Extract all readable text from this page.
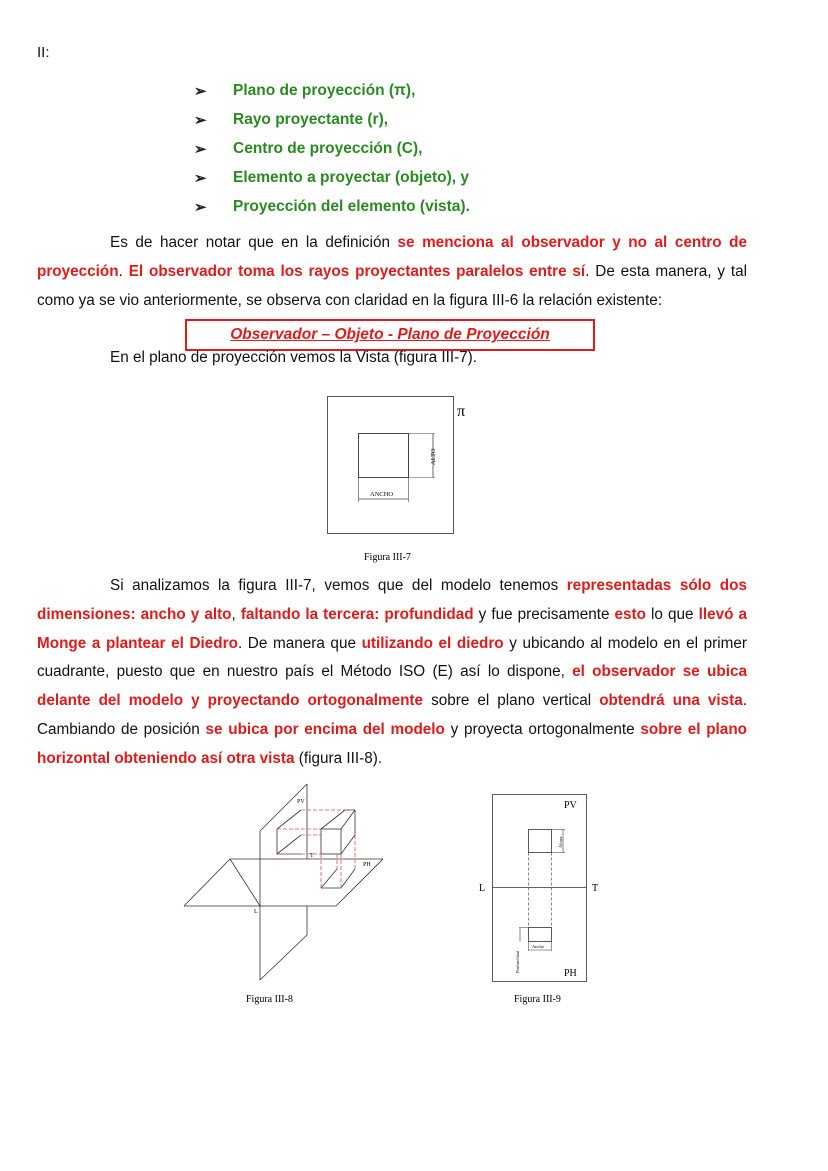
II:
➢	Plano de proyección (π),
➢	Rayo proyectante (r),
➢	Centro de proyección (C),
➢	Elemento a proyectar (objeto), y
➢	Proyección del elemento (vista).

Es de hacer notar que en la definición se menciona al observador y no al centro de proyección. El observador toma los rayos proyectantes paralelos entre sí. De esta manera, y tal como ya se vio anteriormente, se observa con claridad en la figura III-6 la relación existente:

Observador – Objeto - Plano de Proyección

En el plano de proyección vemos la Vista (figura III-7).

π
ALTO
ANCHO
Figura III-7

Si analizamos la figura III-7, vemos que del modelo tenemos representadas sólo dos dimensiones: ancho y alto, faltando la tercera: profundidad y fue precisamente esto lo que llevó a Monge a plantear el Diedro. De manera que utilizando el diedro y ubicando al modelo en el primer cuadrante, puesto que en nuestro país el Método ISO (E) así lo dispone, el observador se ubica delante del modelo y proyectando ortogonalmente sobre el plano vertical obtendrá una vista. Cambiando de posición se ubica por encima del modelo y proyecta ortogonalmente sobre el plano horizontal obteniendo así otra vista (figura III-8).

PV
PH
T
L
Figura III-8
PV
PH
L	T
Altura
Ancho
Profundidad
Figura III-9
